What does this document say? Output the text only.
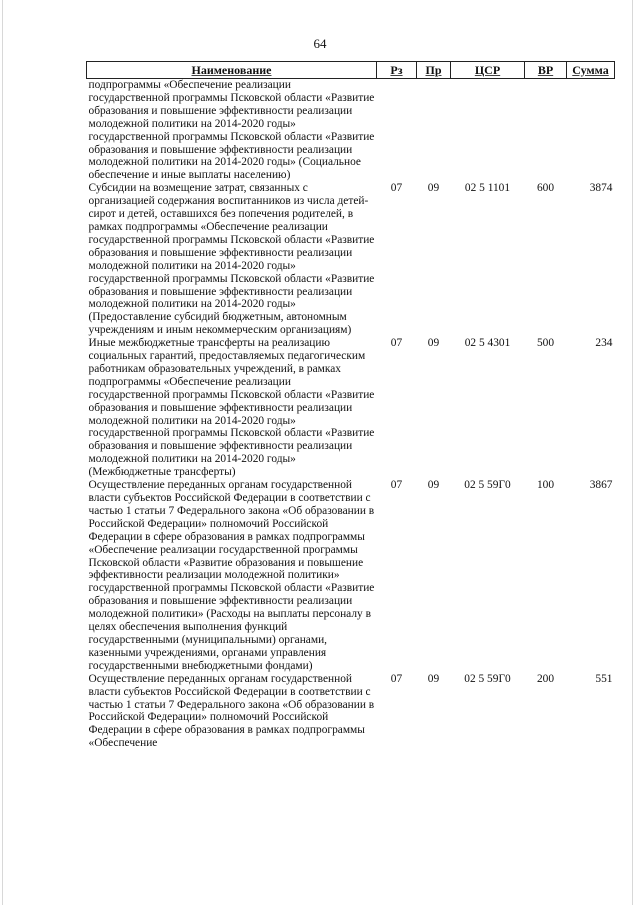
64
Наименование	Рз	Пр	ЦСР	ВР	Сумма
подпрограммы «Обеспечение реализации государственной программы Псковской области «Развитие образования и повышение эффективности реализации молодежной политики на 2014-2020 годы» государственной программы Псковской области «Развитие образования и повышение эффективности реализации молодежной политики на 2014-2020 годы» (Социальное обеспечение и иные выплаты населению)					
Субсидии на возмещение затрат, связанных с организацией содержания воспитанников из числа детей-сирот и детей, оставшихся без попечения родителей, в рамках подпрограммы «Обеспечение реализации государственной программы Псковской области «Развитие образования и повышение эффективности реализации молодежной политики на 2014-2020 годы» государственной программы Псковской области «Развитие образования и повышение эффективности реализации молодежной политики на 2014-2020 годы» (Предоставление субсидий бюджетным, автономным учреждениям и иным некоммерческим организациям)	07	09	02 5 1101	600	3874
Иные межбюджетные трансферты на реализацию социальных гарантий, предоставляемых педагогическим работникам образовательных учреждений, в рамках подпрограммы «Обеспечение реализации государственной программы Псковской области «Развитие образования и повышение эффективности реализации молодежной политики на 2014-2020 годы» государственной программы Псковской области «Развитие образования и повышение эффективности реализации молодежной политики на 2014-2020 годы» (Межбюджетные трансферты)	07	09	02 5 4301	500	234
Осуществление переданных органам государственной власти субъектов Российской Федерации в соответствии с частью 1 статьи 7 Федерального закона «Об образовании в Российской Федерации» полномочий Российской Федерации в сфере образования в рамках подпрограммы «Обеспечение реализации государственной программы Псковской области «Развитие образования и повышение эффективности реализации молодежной политики» государственной программы Псковской области «Развитие образования и повышение эффективности реализации молодежной политики» (Расходы на выплаты персоналу в целях обеспечения выполнения функций государственными (муниципальными) органами, казенными учреждениями, органами управления государственными внебюджетными фондами)	07	09	02 5 59Г0	100	3867
Осуществление переданных органам государственной власти субъектов Российской Федерации в соответствии с частью 1 статьи 7 Федерального закона «Об образовании в Российской Федерации» полномочий Российской Федерации в сфере образования в рамках подпрограммы «Обеспечение	07	09	02 5 59Г0	200	551
